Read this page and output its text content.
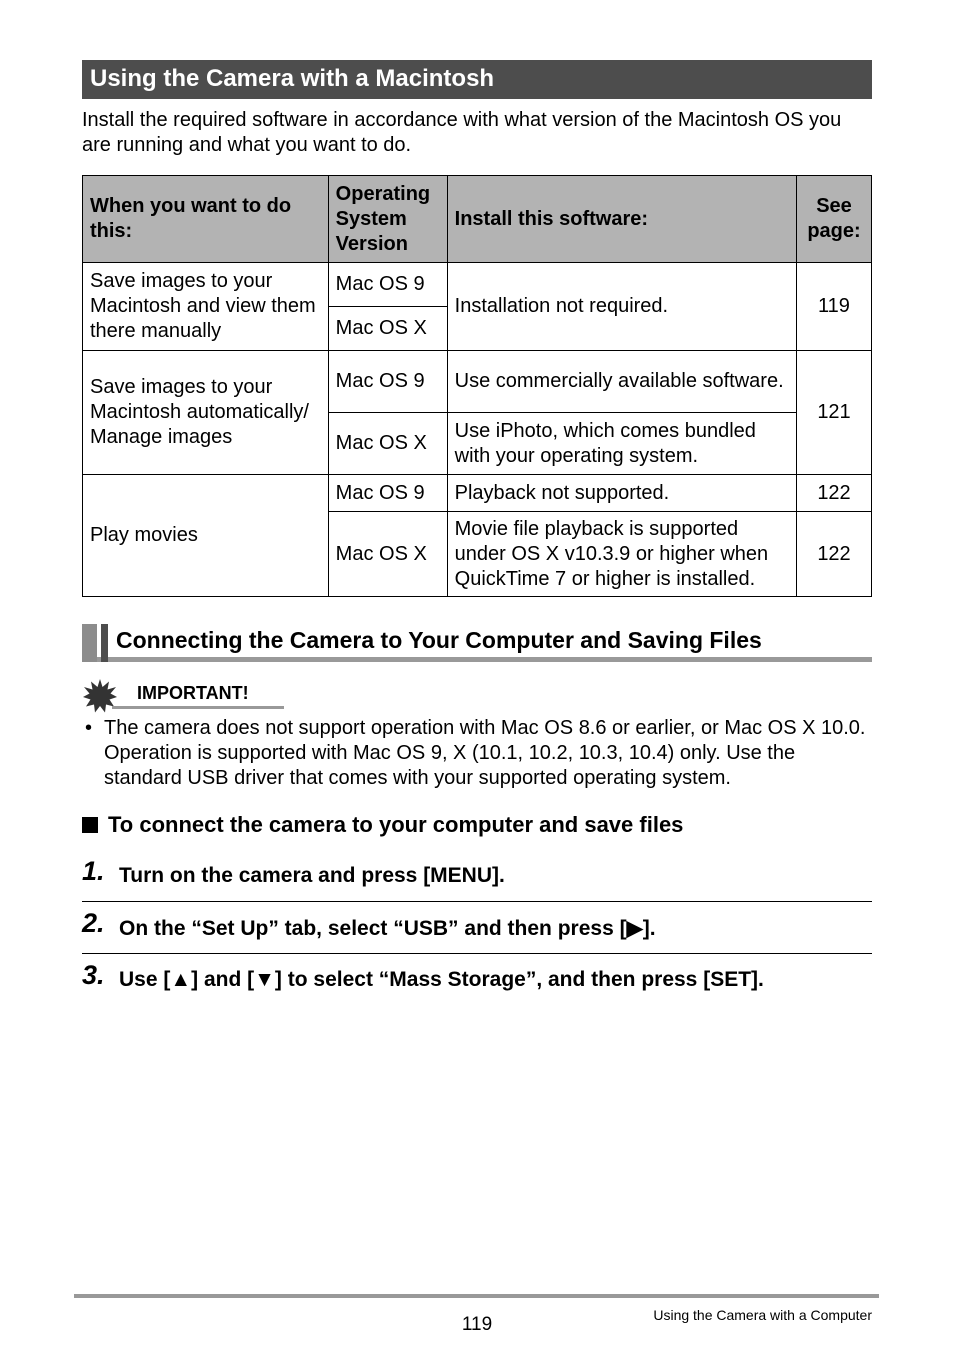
Using the Camera with a Macintosh
Install the required software in accordance with what version of the Macintosh OS you are running and what you want to do.
When you want to do this:	Operating System Version	Install this software:	See page:
Save images to your Macintosh and view them there manually	Mac OS 9	Installation not required.	119
	Mac OS X		
Save images to your Macintosh automatically/ Manage images	Mac OS 9	Use commercially available software.	121
	Mac OS X	Use iPhoto, which comes bundled with your operating system.	
Play movies	Mac OS 9	Playback not supported.	122
	Mac OS X	Movie file playback is supported under OS X v10.3.9 or higher when QuickTime 7 or higher is installed.	122
Connecting the Camera to Your Computer and Saving Files
IMPORTANT!
• The camera does not support operation with Mac OS 8.6 or earlier, or Mac OS X 10.0. Operation is supported with Mac OS 9, X (10.1, 10.2, 10.3, 10.4) only. Use the standard USB driver that comes with your supported operating system.
To connect the camera to your computer and save files
1. Turn on the camera and press [MENU].
2. On the “Set Up” tab, select “USB” and then press [▶].
3. Use [▲] and [▼] to select “Mass Storage”, and then press [SET].
119	Using the Camera with a Computer
